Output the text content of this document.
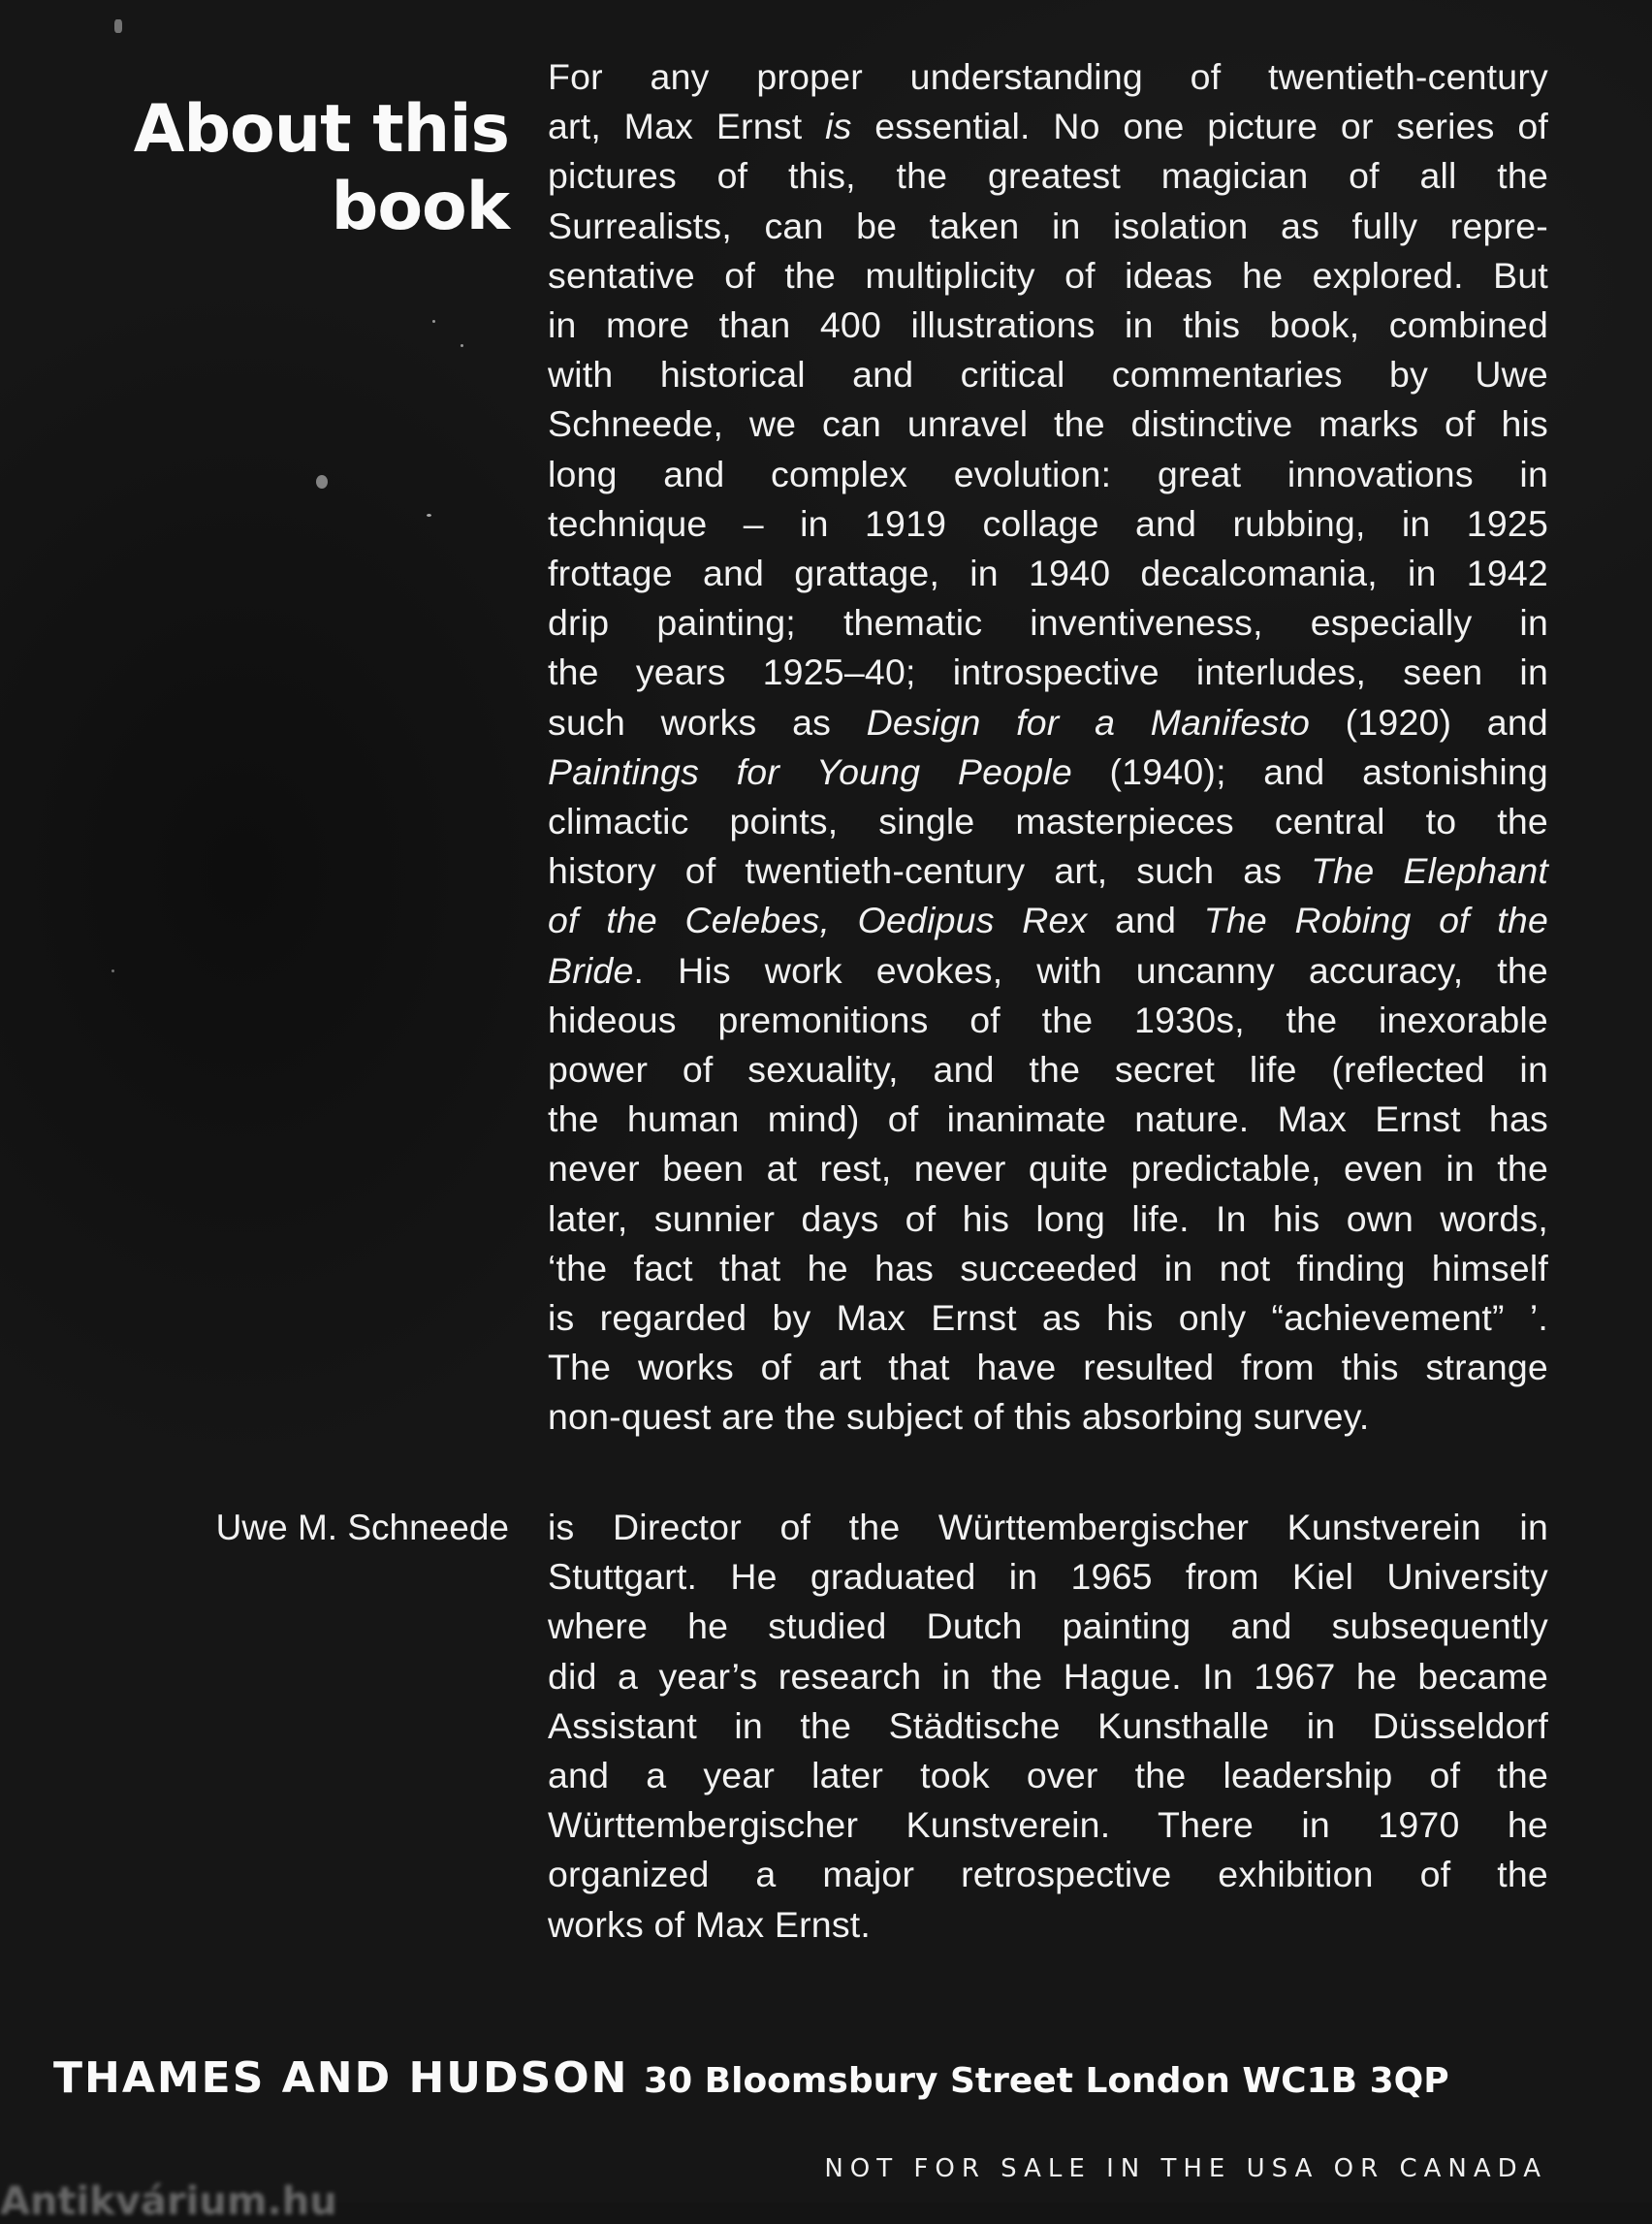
About this
book
For any proper understanding of twentieth-century
art, Max Ernst is essential. No one picture or series of
pictures of this, the greatest magician of all the
Surrealists, can be taken in isolation as fully repre-
sentative of the multiplicity of ideas he explored. But
in more than 400 illustrations in this book, combined
with historical and critical commentaries by Uwe
Schneede, we can unravel the distinctive marks of his
long and complex evolution: great innovations in
technique – in 1919 collage and rubbing, in 1925
frottage and grattage, in 1940 decalcomania, in 1942
drip painting; thematic inventiveness, especially in
the years 1925–40; introspective interludes, seen in
such works as Design for a Manifesto (1920) and
Paintings for Young People (1940); and astonishing
climactic points, single masterpieces central to the
history of twentieth-century art, such as The Elephant
of the Celebes, Oedipus Rex and The Robing of the
Bride. His work evokes, with uncanny accuracy, the
hideous premonitions of the 1930s, the inexorable
power of sexuality, and the secret life (reflected in
the human mind) of inanimate nature. Max Ernst has
never been at rest, never quite predictable, even in the
later, sunnier days of his long life. In his own words,
‘the fact that he has succeeded in not finding himself
is regarded by Max Ernst as his only “achievement” ’.
The works of art that have resulted from this strange
non-quest are the subject of this absorbing survey.
Uwe M. Schneede is Director of the Württembergischer Kunstverein in
Stuttgart. He graduated in 1965 from Kiel University
where he studied Dutch painting and subsequently
did a year’s research in the Hague. In 1967 he became
Assistant in the Städtische Kunsthalle in Düsseldorf
and a year later took over the leadership of the
Württembergischer Kunstverein. There in 1970 he
organized a major retrospective exhibition of the
works of Max Ernst.
THAMES AND HUDSON 30 Bloomsbury Street London WC1B 3QP
NOT FOR SALE IN THE USA OR CANADA
Antikvárium.hu
